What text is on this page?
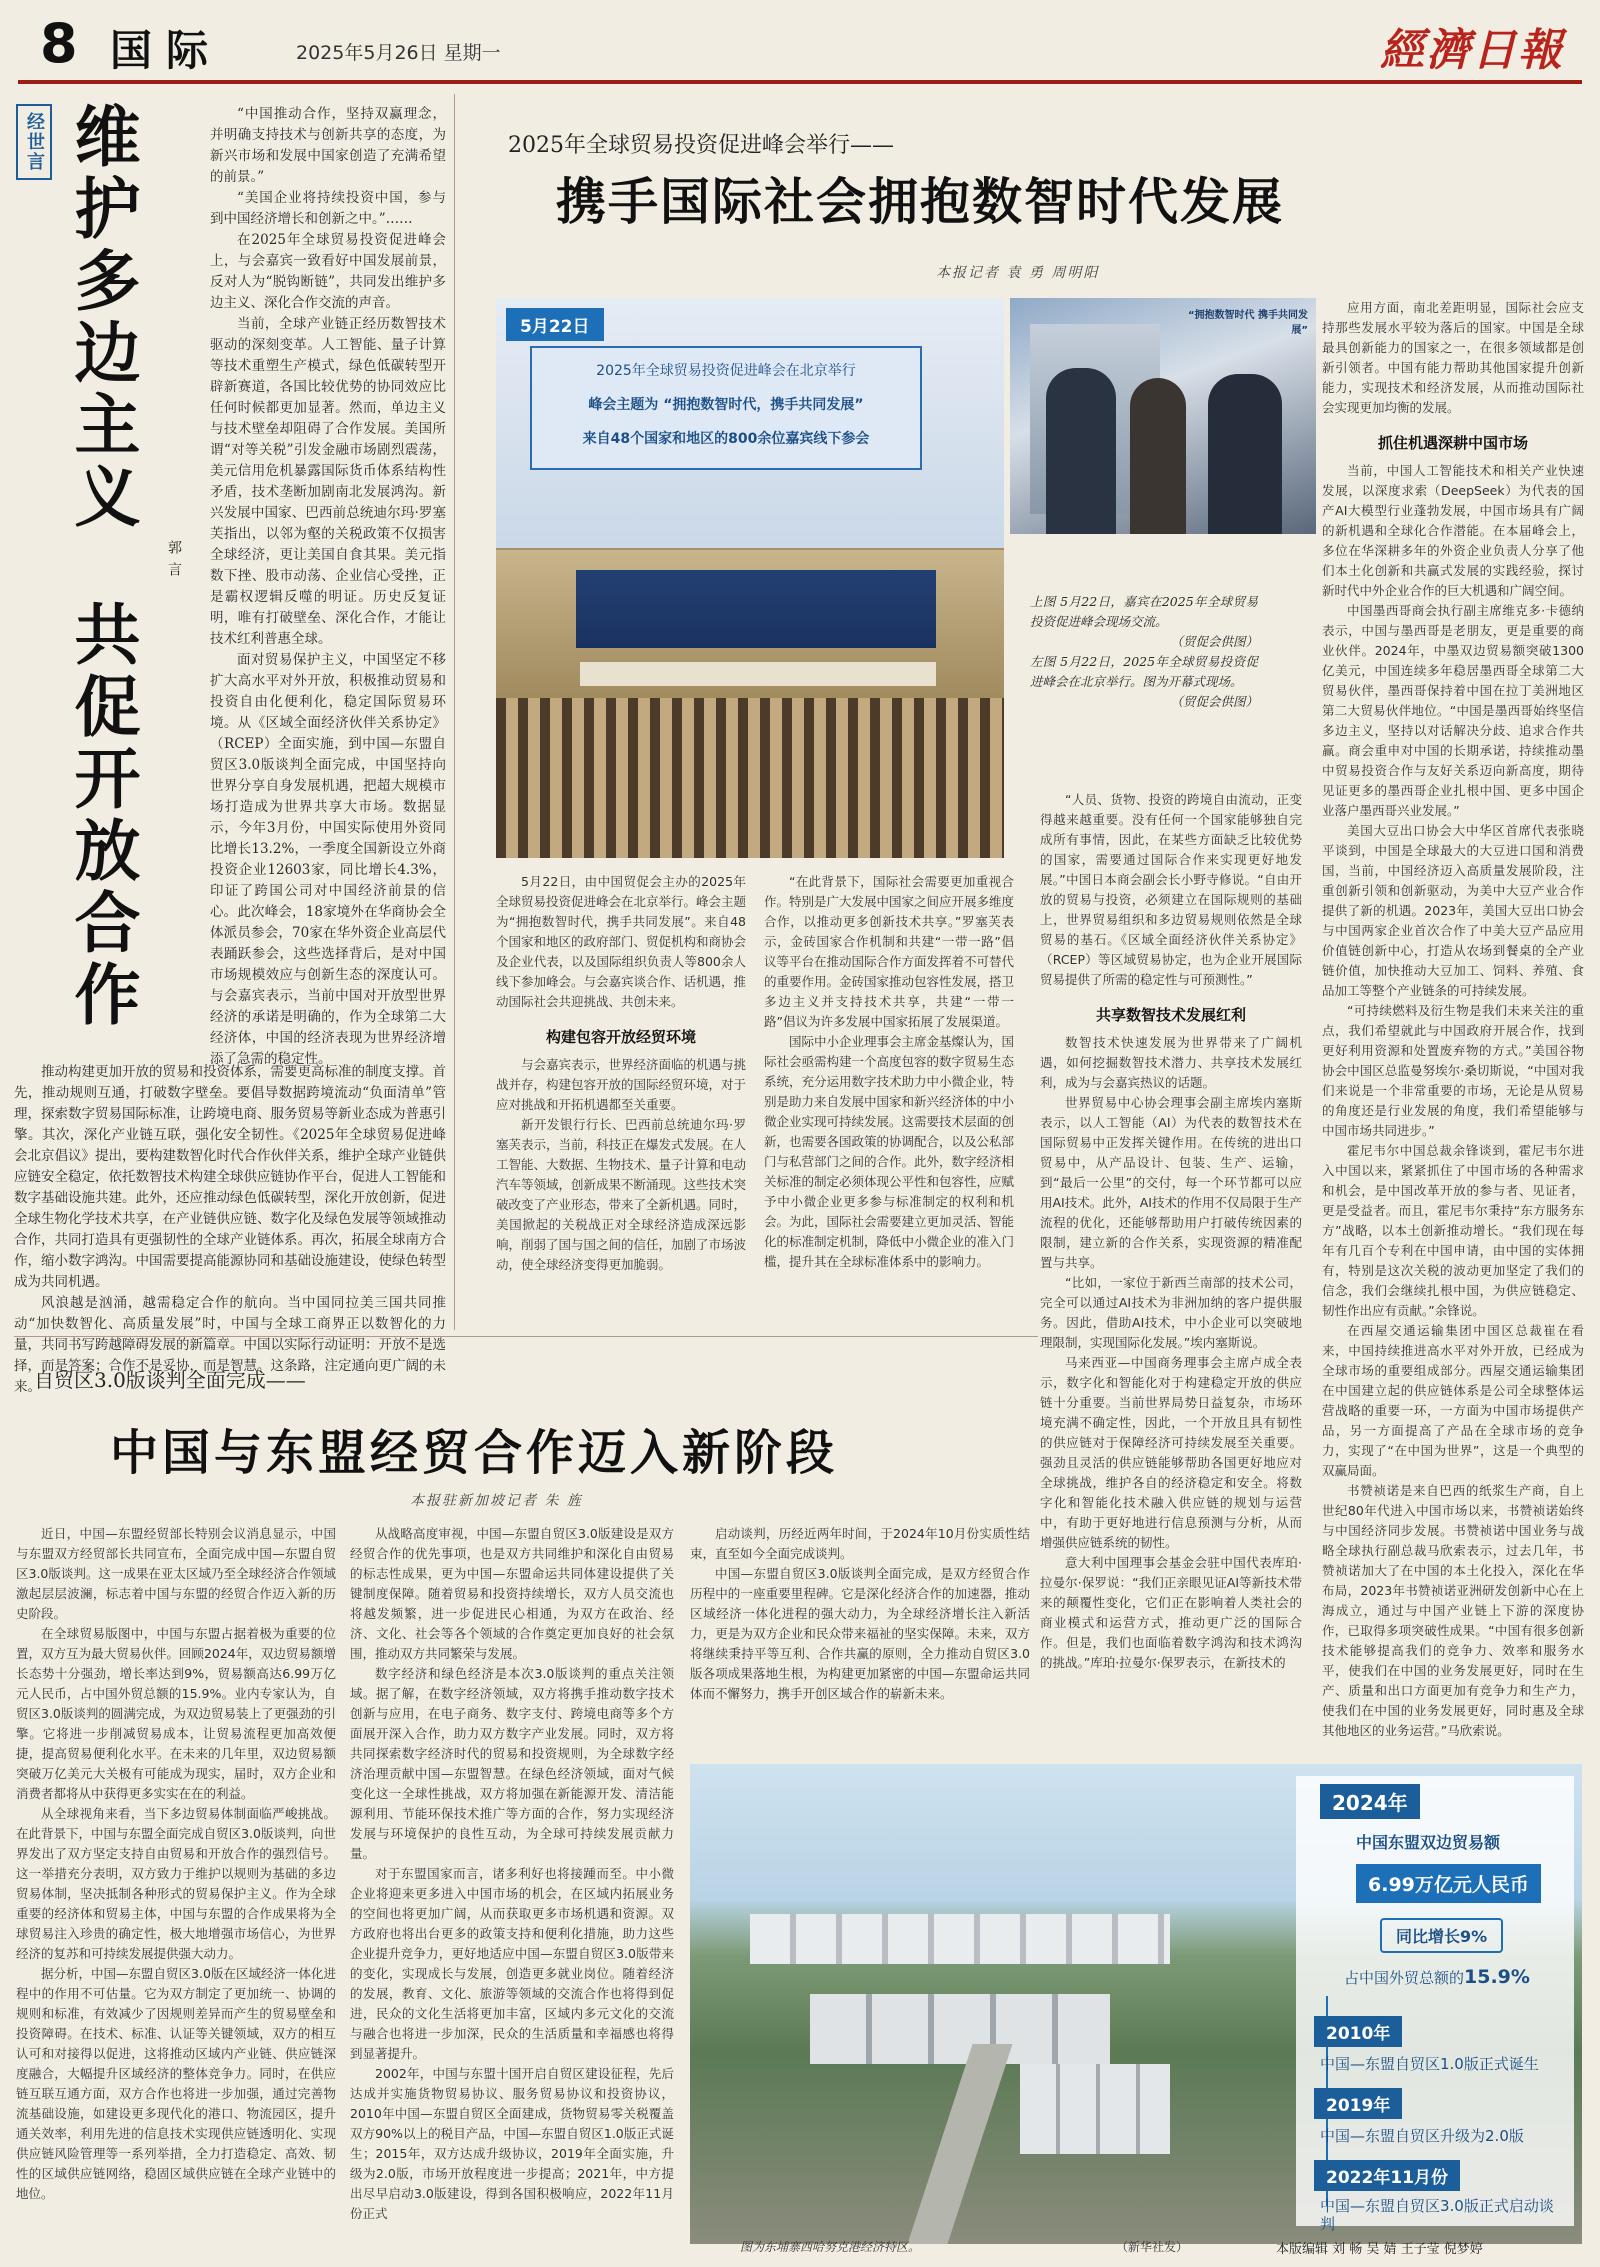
8 国际	2025年5月26日 星期一	經濟日報
经世言 维护多边主义
共促开放合作
郭言

“中国推动合作，坚持双赢理念，并明确支持技术与创新共享的态度，为新兴市场和发展中国家创造了充满希望的前景。”

“美国企业将持续投资中国，参与到中国经济增长和创新之中。”……

在2025年全球贸易投资促进峰会上，与会嘉宾一致看好中国发展前景，反对人为“脱钩断链”，共同发出维护多边主义、深化合作交流的声音。

当前，全球产业链正经历数智技术驱动的深刻变革。人工智能、量子计算等技术重塑生产模式，绿色低碳转型开辟新赛道，各国比较优势的协同效应比任何时候都更加显著。然而，单边主义与技术壁垒却阻碍了合作发展。美国所谓“对等关税”引发金融市场剧烈震荡，美元信用危机暴露国际货币体系结构性矛盾，技术垄断加剧南北发展鸿沟。新兴发展中国家、巴西前总统迪尔玛·罗塞芙指出，以邻为壑的关税政策不仅损害全球经济，更让美国自食其果。美元指数下挫、股市动荡、企业信心受挫，正是霸权逻辑反噬的明证。历史反复证明，唯有打破壁垒、深化合作，才能让技术红利普惠全球。

面对贸易保护主义，中国坚定不移扩大高水平对外开放，积极推动贸易和投资自由化便利化，稳定国际贸易环境。从《区域全面经济伙伴关系协定》（RCEP）全面实施，到中国—东盟自贸区3.0版谈判全面完成，中国坚持向世界分享自身发展机遇，把超大规模市场打造成为世界共享大市场。数据显示，今年3月份，中国实际使用外资同比增长13.2%，一季度全国新设立外商投资企业12603家，同比增长4.3%，印证了跨国公司对中国经济前景的信心。此次峰会，18家境外在华商协会全体派员参会，70家在华外资企业高层代表踊跃参会，这些选择背后，是对中国市场规模效应与创新生态的深度认可。与会嘉宾表示，当前中国对开放型世界经济的承诺是明确的，作为全球第二大经济体，中国的经济表现为世界经济增添了急需的稳定性。

推动构建更加开放的贸易和投资体系，需要更高标准的制度支撑。首先，推动规则互通，打破数字壁垒。要倡导数据跨境流动“负面清单”管理，探索数字贸易国际标准，让跨境电商、服务贸易等新业态成为普惠引擎。其次，深化产业链互联，强化安全韧性。《2025年全球贸易促进峰会北京倡议》提出，要构建数智化时代合作伙伴关系，维护全球产业链供应链安全稳定，依托数智技术构建全球供应链协作平台，促进人工智能和数字基础设施共建。此外，还应推动绿色低碳转型，深化开放创新，促进全球生物化学技术共享，在产业链供应链、数字化及绿色发展等领域推动合作，共同打造具有更强韧性的全球产业链体系。再次，拓展全球南方合作，缩小数字鸿沟。中国需要提高能源协同和基础设施建设，使绿色转型成为共同机遇。

风浪越是汹涌，越需稳定合作的航向。当中国同拉美三国共同推动“加快数智化、高质量发展”时，中国与全球工商界正以数智化的力量，共同书写跨越障碍发展的新篇章。中国以实际行动证明：开放不是选择，而是答案；合作不是妥协，而是智慧。这条路，注定通向更广阔的未来。

2025年全球贸易投资促进峰会举行——
携手国际社会拥抱数智时代发展
本报记者 袁 勇 周明阳
“拥抱数智时代 携手共同发展”
5月22日
2025年全球贸易投资促进峰会在北京举行
峰会主题为 “拥抱数智时代，携手共同发展”
来自48个国家和地区的800余位嘉宾线下参会
上图 5月22日，嘉宾在2025年全球贸易投资促进峰会现场交流。
（贸促会供图）
左图 5月22日，2025年全球贸易投资促进峰会在北京举行。图为开幕式现场。
（贸促会供图）

5月22日，由中国贸促会主办的2025年全球贸易投资促进峰会在北京举行。峰会主题为“拥抱数智时代，携手共同发展”。来自48个国家和地区的政府部门、贸促机构和商协会及企业代表，以及国际组织负责人等800余人线下参加峰会。与会嘉宾谈合作、话机遇，推动国际社会共迎挑战、共创未来。

构建包容开放经贸环境

与会嘉宾表示，世界经济面临的机遇与挑战并存，构建包容开放的国际经贸环境，对于应对挑战和开拓机遇都至关重要。

新开发银行行长、巴西前总统迪尔玛·罗塞芙表示，当前，科技正在爆发式发展。在人工智能、大数据、生物技术、量子计算和电动汽车等领域，创新成果不断涌现。这些技术突破改变了产业形态，带来了全新机遇。同时，美国掀起的关税战正对全球经济造成深远影响，削弱了国与国之间的信任，加剧了市场波动，使全球经济变得更加脆弱。

“在此背景下，国际社会需要更加重视合作。特别是广大发展中国家之间应开展多维度合作，以推动更多创新技术共享。”罗塞芙表示，金砖国家合作机制和共建“一带一路”倡议等平台在推动国际合作方面发挥着不可替代的重要作用。金砖国家推动包容性发展，搭卫多边主义并支持技术共享，共建“一带一路”倡议为许多发展中国家拓展了发展渠道。

国际中小企业理事会主席金基燦认为，国际社会亟需构建一个高度包容的数字贸易生态系统，充分运用数字技术助力中小微企业，特别是助力来自发展中国家和新兴经济体的中小微企业实现可持续发展。这需要技术层面的创新，也需要各国政策的协调配合，以及公私部门与私营部门之间的合作。此外，数字经济相关标准的制定必须体现公平性和包容性，应赋予中小微企业更多参与标准制定的权利和机会。为此，国际社会需要建立更加灵活、智能化的标准制定机制，降低中小微企业的准入门槛，提升其在全球标准体系中的影响力。

“人员、货物、投资的跨境自由流动，正变得越来越重要。没有任何一个国家能够独自完成所有事情，因此，在某些方面缺乏比较优势的国家，需要通过国际合作来实现更好地发展。”中国日本商会副会长小野寺修说。“自由开放的贸易与投资，必须建立在国际规则的基础上，世界贸易组织和多边贸易规则依然是全球贸易的基石。《区域全面经济伙伴关系协定》（RCEP）等区域贸易协定，也为企业开展国际贸易提供了所需的稳定性与可预测性。”

共享数智技术发展红利

数智技术快速发展为世界带来了广阔机遇，如何挖掘数智技术潜力、共享技术发展红利，成为与会嘉宾热议的话题。

世界贸易中心协会理事会副主席埃内塞斯表示，以人工智能（AI）为代表的数智技术在国际贸易中正发挥关键作用。在传统的进出口贸易中，从产品设计、包装、生产、运输，到“最后一公里”的交付，每一个环节都可以应用AI技术。此外，AI技术的作用不仅局限于生产流程的优化，还能够帮助用户打破传统因素的限制，建立新的合作关系，实现资源的精准配置与共享。

“比如，一家位于新西兰南部的技术公司，完全可以通过AI技术为非洲加纳的客户提供服务。因此，借助AI技术，中小企业可以突破地理限制，实现国际化发展。”埃内塞斯说。

马来西亚—中国商务理事会主席卢成全表示，数字化和智能化对于构建稳定开放的供应链十分重要。当前世界局势日益复杂，市场环境充满不确定性，因此，一个开放且具有韧性的供应链对于保障经济可持续发展至关重要。强劲且灵活的供应链能够帮助各国更好地应对全球挑战，维护各自的经济稳定和安全。将数字化和智能化技术融入供应链的规划与运营中，有助于更好地进行信息预测与分析，从而增强供应链系统的韧性。

意大利中国理事会基金会驻中国代表库珀·拉曼尔·保罗说：“我们正亲眼见证AI等新技术带来的颠覆性变化，它们正在影响着人类社会的商业模式和运营方式，推动更广泛的国际合作。但是，我们也面临着数字鸿沟和技术鸿沟的挑战。”库珀·拉曼尔·保罗表示，在新技术的

应用方面，南北差距明显，国际社会应支持那些发展水平较为落后的国家。中国是全球最具创新能力的国家之一，在很多领域都是创新引领者。中国有能力帮助其他国家提升创新能力，实现技术和经济发展，从而推动国际社会实现更加均衡的发展。

抓住机遇深耕中国市场

当前，中国人工智能技术和相关产业快速发展，以深度求索（DeepSeek）为代表的国产AI大模型行业蓬勃发展，中国市场具有广阔的新机遇和全球化合作潜能。在本届峰会上，多位在华深耕多年的外资企业负责人分享了他们本土化创新和共赢式发展的实践经验，探讨新时代中外企业合作的巨大机遇和广阔空间。

中国墨西哥商会执行副主席维克多·卡德纳表示，中国与墨西哥是老朋友，更是重要的商业伙伴。2024年，中墨双边贸易额突破1300亿美元，中国连续多年稳居墨西哥全球第二大贸易伙伴，墨西哥保持着中国在拉丁美洲地区第二大贸易伙伴地位。“中国是墨西哥始终坚信多边主义，坚持以对话解决分歧、追求合作共赢。商会重申对中国的长期承诺，持续推动墨中贸易投资合作与友好关系迈向新高度，期待见证更多的墨西哥企业扎根中国、更多中国企业落户墨西哥兴业发展。”

美国大豆出口协会大中华区首席代表张晓平谈到，中国是全球最大的大豆进口国和消费国，当前，中国经济迈入高质量发展阶段，注重创新引领和创新驱动，为美中大豆产业合作提供了新的机遇。2023年，美国大豆出口协会与中国两家企业首次合作了中美大豆产品应用价值链创新中心，打造从农场到餐桌的全产业链价值，加快推动大豆加工、饲料、养殖、食品加工等整个产业链条的可持续发展。

“可持续燃料及衍生物是我们未来关注的重点，我们希望就此与中国政府开展合作，找到更好利用资源和处置废弃物的方式。”美国谷物协会中国区总监曼努埃尔·桑切斯说，“中国对我们来说是一个非常重要的市场，无论是从贸易的角度还是行业发展的角度，我们希望能够与中国市场共同进步。”

霍尼韦尔中国总裁余锋谈到，霍尼韦尔进入中国以来，紧紧抓住了中国市场的各种需求和机会，是中国改革开放的参与者、见证者，更是受益者。而且，霍尼韦尔秉持“东方服务东方”战略，以本土创新推动增长。“我们现在每年有几百个专利在中国申请，由中国的实体拥有，特别是这次关税的波动更加坚定了我们的信念，我们会继续扎根中国，为供应链稳定、韧性作出应有贡献。”余锋说。

在西屋交通运输集团中国区总裁崔在看来，中国持续推进高水平对外开放，已经成为全球市场的重要组成部分。西屋交通运输集团在中国建立起的供应链体系是公司全球整体运营战略的重要一环，一方面为中国市场提供产品，另一方面提高了产品在全球市场的竞争力，实现了“在中国为世界”，这是一个典型的双赢局面。

书赞祯诺是来自巴西的纸浆生产商，自上世纪80年代进入中国市场以来，书赞祯诺始终与中国经济同步发展。书赞祯诺中国业务与战略全球执行副总裁马欣索表示，过去几年，书赞祯诺加大了在中国的本土化投入，深化在华布局，2023年书赞祯诺亚洲研发创新中心在上海成立，通过与中国产业链上下游的深度协作，已取得多项突破性成果。“中国有很多创新技术能够提高我们的竞争力、效率和服务水平，使我们在中国的业务发展更好，同时在生产、质量和出口方面更加有竞争力和生产力，使我们在中国的业务发展更好，同时惠及全球其他地区的业务运营。”马欣索说。

自贸区3.0版谈判全面完成——
中国与东盟经贸合作迈入新阶段
本报驻新加坡记者 朱 旌

近日，中国—东盟经贸部长特别会议消息显示，中国与东盟双方经贸部长共同宣布，全面完成中国—东盟自贸区3.0版谈判。这一成果在亚太区域乃至全球经济合作领域激起层层波澜，标志着中国与东盟的经贸合作迈入新的历史阶段。

在全球贸易版图中，中国与东盟占据着极为重要的位置，双方互为最大贸易伙伴。回顾2024年，双边贸易额增长态势十分强劲，增长率达到9%，贸易额高达6.99万亿元人民币，占中国外贸总额的15.9%。业内专家认为，自贸区3.0版谈判的圆满完成，为双边贸易装上了更强劲的引擎。它将进一步削减贸易成本，让贸易流程更加高效便捷，提高贸易便利化水平。在未来的几年里，双边贸易额突破万亿美元大关极有可能成为现实，届时，双方企业和消费者都将从中获得更多实实在在的利益。

从全球视角来看，当下多边贸易体制面临严峻挑战。在此背景下，中国与东盟全面完成自贸区3.0版谈判，向世界发出了双方坚定支持自由贸易和开放合作的强烈信号。这一举措充分表明，双方致力于维护以规则为基础的多边贸易体制，坚决抵制各种形式的贸易保护主义。作为全球重要的经济体和贸易主体，中国与东盟的合作成果将为全球贸易注入珍贵的确定性，极大地增强市场信心，为世界经济的复苏和可持续发展提供强大动力。

据分析，中国—东盟自贸区3.0版在区域经济一体化进程中的作用不可估量。它为双方制定了更加统一、协调的规则和标准，有效减少了因规则差异而产生的贸易壁垒和投资障碍。在技术、标准、认证等关键领域，双方的相互认可和对接得以促进，这将推动区域内产业链、供应链深度融合，大幅提升区域经济的整体竞争力。同时，在供应链互联互通方面，双方合作也将进一步加强，通过完善物流基础设施，如建设更多现代化的港口、物流园区，提升通关效率，利用先进的信息技术实现供应链透明化、实现供应链风险管理等一系列举措，全力打造稳定、高效、韧性的区域供应链网络，稳固区域供应链在全球产业链中的地位。

从战略高度审视，中国—东盟自贸区3.0版建设是双方经贸合作的优先事项，也是双方共同维护和深化自由贸易的标志性成果，更为中国—东盟命运共同体建设提供了关键制度保障。随着贸易和投资持续增长，双方人员交流也将越发频繁，进一步促进民心相通，为双方在政治、经济、文化、社会等各个领域的合作奠定更加良好的社会氛围，推动双方共同繁荣与发展。

数字经济和绿色经济是本次3.0版谈判的重点关注领域。据了解，在数字经济领域，双方将携手推动数字技术创新与应用，在电子商务、数字支付、跨境电商等多个方面展开深入合作，助力双方数字产业发展。同时，双方将共同探索数字经济时代的贸易和投资规则，为全球数字经济治理贡献中国—东盟智慧。在绿色经济领域，面对气候变化这一全球性挑战，双方将加强在新能源开发、清洁能源利用、节能环保技术推广等方面的合作，努力实现经济发展与环境保护的良性互动，为全球可持续发展贡献力量。

对于东盟国家而言，诸多利好也将接踵而至。中小微企业将迎来更多进入中国市场的机会，在区域内拓展业务的空间也将更加广阔，从而获取更多市场机遇和资源。双方政府也将出台更多的政策支持和便利化措施，助力这些企业提升竞争力，更好地适应中国—东盟自贸区3.0版带来的变化，实现成长与发展，创造更多就业岗位。随着经济的发展，教育、文化、旅游等领域的交流合作也将得到促进，民众的文化生活将更加丰富，区域内多元文化的交流与融合也将进一步加深，民众的生活质量和幸福感也将得到显著提升。

2002年，中国与东盟十国开启自贸区建设征程，先后达成并实施货物贸易协议、服务贸易协议和投资协议，2010年中国—东盟自贸区全面建成，货物贸易零关税覆盖双方90%以上的税目产品，中国—东盟自贸区1.0版正式诞生；2015年，双方达成升级协议，2019年全面实施，升级为2.0版，市场开放程度进一步提高；2021年，中方提出尽早启动3.0版建设，得到各国积极响应，2022年11月份正式

启动谈判，历经近两年时间，于2024年10月份实质性结束，直至如今全面完成谈判。

中国—东盟自贸区3.0版谈判全面完成，是双方经贸合作历程中的一座重要里程碑。它是深化经济合作的加速器，推动区域经济一体化进程的强大动力，为全球经济增长注入新活力，更是为双方企业和民众带来福祉的坚实保障。未来，双方将继续秉持平等互利、合作共赢的原则，全力推动自贸区3.0版各项成果落地生根，为构建更加紧密的中国—东盟命运共同体而不懈努力，携手开创区域合作的崭新未来。

2024年
中国东盟双边贸易额
6.99万亿元人民币
同比增长9%
占中国外贸总额的15.9%
2010年
中国—东盟自贸区1.0版正式诞生
2019年
中国—东盟自贸区升级为2.0版
2022年11月份
中国—东盟自贸区3.0版正式启动谈判
图为东埔寨西哈努克港经济特区。	（新华社发）	本版编辑 刘 畅 吴 婧 王子莹 倪梦婷
